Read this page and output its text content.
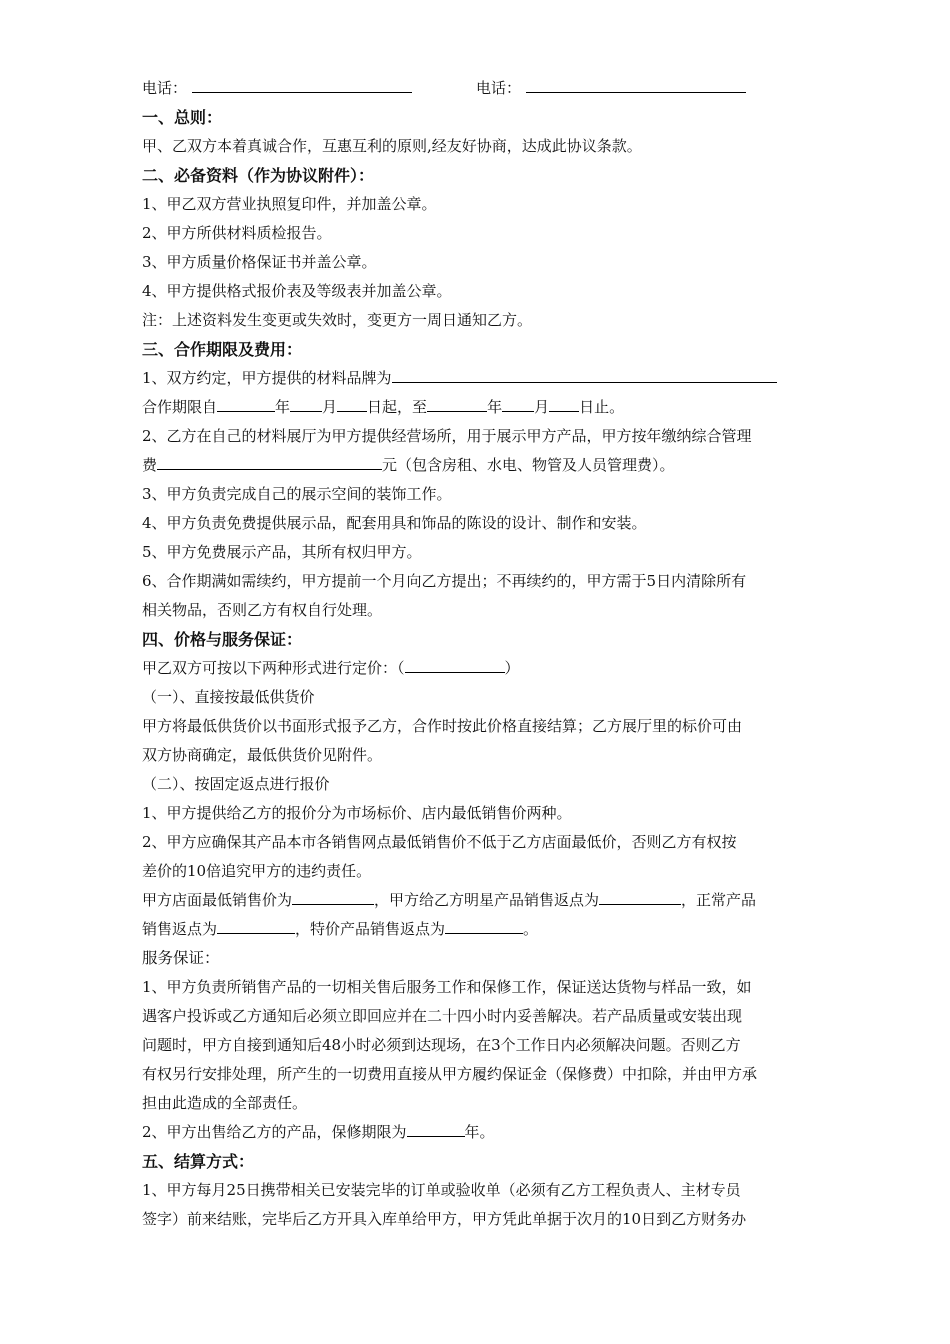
电话：	电话：
一、总则：
甲、乙双方本着真诚合作，互惠互利的原则,经友好协商，达成此协议条款。
二、必备资料（作为协议附件）：
1、甲乙双方营业执照复印件，并加盖公章。
2、甲方所供材料质检报告。
3、甲方质量价格保证书并盖公章。
4、甲方提供格式报价表及等级表并加盖公章。
注：上述资料发生变更或失效时，变更方一周日通知乙方。
三、合作期限及费用：
1、双方约定，甲方提供的材料品牌为
合作期限自	年 月 日起，至	年 月 日止。
2、乙方在自己的材料展厅为甲方提供经营场所，用于展示甲方产品，甲方按年缴纳综合管理
费	元（包含房租、水电、物管及人员管理费）。
3、甲方负责完成自己的展示空间的装饰工作。
4、甲方负责免费提供展示品，配套用具和饰品的陈设的设计、制作和安装。
5、甲方免费展示产品，其所有权归甲方。
6、合作期满如需续约，甲方提前一个月向乙方提出；不再续约的，甲方需于5日内清除所有
相关物品，否则乙方有权自行处理。
四、价格与服务保证：
甲乙双方可按以下两种形式进行定价：（	）
（一）、直接按最低供货价
甲方将最低供货价以书面形式报予乙方，合作时按此价格直接结算；乙方展厅里的标价可由
双方协商确定，最低供货价见附件。
（二）、按固定返点进行报价
1、甲方提供给乙方的报价分为市场标价、店内最低销售价两种。
2、甲方应确保其产品本市各销售网点最低销售价不低于乙方店面最低价，否则乙方有权按
差价的10倍追究甲方的违约责任。
甲方店面最低销售价为	，甲方给乙方明星产品销售返点为	，正常产品
销售返点为	，特价产品销售返点为	。
服务保证：
1、甲方负责所销售产品的一切相关售后服务工作和保修工作，保证送达货物与样品一致，如
遇客户投诉或乙方通知后必须立即回应并在二十四小时内妥善解决。若产品质量或安装出现
问题时，甲方自接到通知后48小时必须到达现场，在3个工作日内必须解决问题。否则乙方
有权另行安排处理，所产生的一切费用直接从甲方履约保证金（保修费）中扣除，并由甲方承
担由此造成的全部责任。
2、甲方出售给乙方的产品，保修期限为	年。
五、结算方式：
1、甲方每月25日携带相关已安装完毕的订单或验收单（必须有乙方工程负责人、主材专员
签字）前来结账，完毕后乙方开具入库单给甲方，甲方凭此单据于次月的10日到乙方财务办
